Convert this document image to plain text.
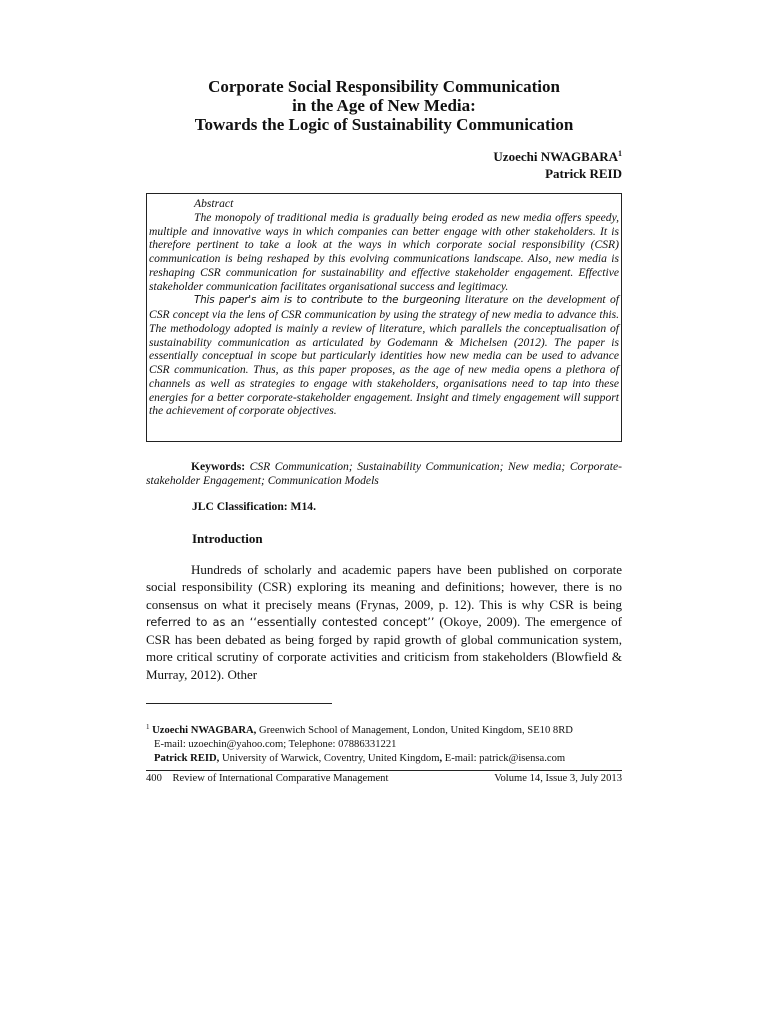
Corporate Social Responsibility Communication
in the Age of New Media:
Towards the Logic of Sustainability Communication
Uzoechi NWAGBARA$^1$
Patrick REID

Abstract

The monopoly of traditional media is gradually being eroded as new media offers speedy, multiple and innovative ways in which companies can better engage with other stakeholders. It is therefore pertinent to take a look at the ways in which corporate social responsibility (CSR) communication is being reshaped by this evolving communications landscape. Also, new media is reshaping CSR communication for sustainability and effective stakeholder engagement. Effective stakeholder communication facilitates organisational success and legitimacy.

This paper's aim is to contribute to the burgeoning literature on the development of CSR concept via the lens of CSR communication by using the strategy of new media to advance this. The methodology adopted is mainly a review of literature, which parallels the conceptualisation of sustainability communication as articulated by Godemann & Michelsen (2012). The paper is essentially conceptual in scope but particularly identities how new media can be used to advance CSR communication. Thus, as this paper proposes, as the age of new media opens a plethora of channels as well as strategies to engage with stakeholders, organisations need to tap into these energies for a better corporate-stakeholder engagement. Insight and timely engagement will support the achievement of corporate objectives.

Keywords: CSR Communication; Sustainability Communication; New media; Corporate-stakeholder Engagement; Communication Models

JLC Classification: M14.
Introduction

Hundreds of scholarly and academic papers have been published on corporate social responsibility (CSR) exploring its meaning and definitions; however, there is no consensus on what it precisely means (Frynas, 2009, p. 12). This is why CSR is being referred to as an ‘‘essentially contested concept’’ (Okoye, 2009). The emergence of CSR has been debated as being forged by rapid growth of global communication system, more critical scrutiny of corporate activities and criticism from stakeholders (Blowfield & Murray, 2012). Other

$^1$ Uzoechi NWAGBARA, Greenwich School of Management, London, United Kingdom, SE10 8RD
E-mail: uzoechin@yahoo.com; Telephone: 07886331221
Patrick REID, University of Warwick, Coventry, United Kingdom, E-mail: patrick@isensa.com
400 Review of International Comparative Management	Volume 14, Issue 3, July 2013
